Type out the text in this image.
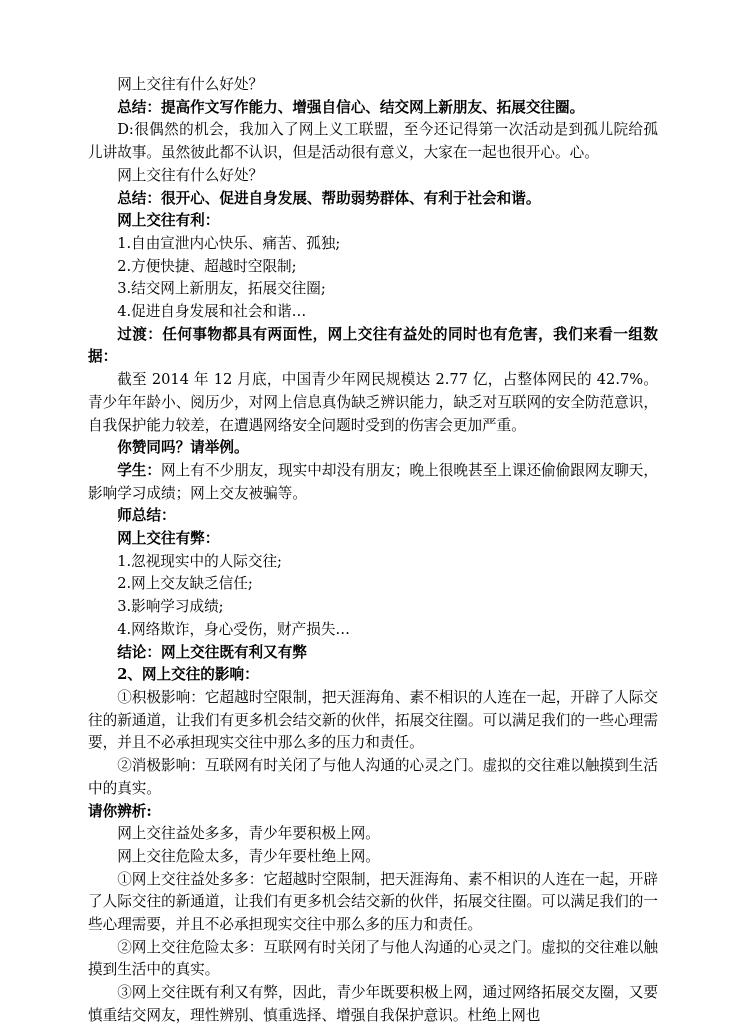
网上交往有什么好处？

总结：提高作文写作能力、增强自信心、结交网上新朋友、拓展交往圈。

D:很偶然的机会，我加入了网上义工联盟，至今还记得第一次活动是到孤儿院给孤儿讲故事。虽然彼此都不认识，但是活动很有意义，大家在一起也很开心。心。

网上交往有什么好处？

总结：很开心、促进自身发展、帮助弱势群体、有利于社会和谐。

网上交往有利：

1.自由宣泄内心快乐、痛苦、孤独;

2.方便快捷、超越时空限制;

3.结交网上新朋友，拓展交往圈;

4.促进自身发展和社会和谐…

过渡：任何事物都具有两面性，网上交往有益处的同时也有危害，我们来看一组数据：

截至 2014 年 12 月底，中国青少年网民规模达 2.77 亿，占整体网民的 42.7%。青少年年龄小、阅历少，对网上信息真伪缺乏辨识能力，缺乏对互联网的安全防范意识，自我保护能力较差，在遭遇网络安全问题时受到的伤害会更加严重。

你赞同吗？请举例。

学生：网上有不少朋友，现实中却没有朋友；晚上很晚甚至上课还偷偷跟网友聊天，影响学习成绩；网上交友被骗等。

师总结：

网上交往有弊：

1.忽视现实中的人际交往;

2.网上交友缺乏信任;

3.影响学习成绩;

4.网络欺诈，身心受伤，财产损失…

结论：网上交往既有利又有弊

2、网上交往的影响：

①积极影响：它超越时空限制，把天涯海角、素不相识的人连在一起，开辟了人际交往的新通道，让我们有更多机会结交新的伙伴，拓展交往圈。可以满足我们的一些心理需要，并且不必承担现实交往中那么多的压力和责任。

②消极影响：互联网有时关闭了与他人沟通的心灵之门。虚拟的交往难以触摸到生活中的真实。

请你辨析:

网上交往益处多多，青少年要积极上网。

网上交往危险太多，青少年要杜绝上网。

①网上交往益处多多：它超越时空限制，把天涯海角、素不相识的人连在一起，开辟了人际交往的新通道，让我们有更多机会结交新的伙伴，拓展交往圈。可以满足我们的一些心理需要，并且不必承担现实交往中那么多的压力和责任。

②网上交往危险太多：互联网有时关闭了与他人沟通的心灵之门。虚拟的交往难以触摸到生活中的真实。

③网上交往既有利又有弊，因此，青少年既要积极上网，通过网络拓展交友圈，又要慎重结交网友，理性辨别、慎重选择、增强自我保护意识。杜绝上网也
